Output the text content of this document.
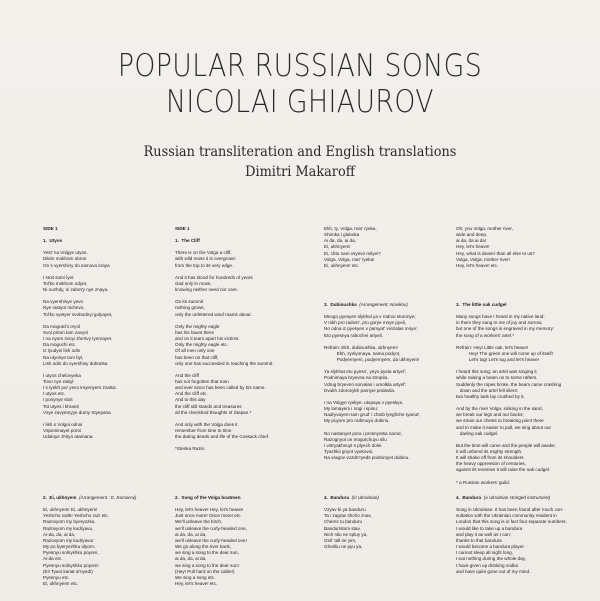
POPULAR RUSSIAN SONGS
NICOLAI GHIAUROV
Russian transliteration and English translations
Dimitri Makaroff

SIDE 1

1.  Utyos

Yest' na Volgye utyos,

Dikim mokhom obros

On s vyershiny do samovo kraya

I stoit sotni lyet

Tol'ko mokhom odyet,

Ni nuzhdy, ni zabot'y nye znaya.

Na vyershinye yevo

Nye rastyot nichevo,

Tol'ko vyetyer svobodnyi gulyayet,

Da mogutchi oryol

Svoi priton tam zavyol

I na nyom svoyi zhertvy tyerzayet.

Da moguchi etc.

Iz lyudyei lish odin

Na utyosye tom byl,

Lish odin do vyershiny dobralsa

I utyos chelovyeka

Tovo nye zabyl

I s tyekh por yevo imyenyem zvalsa.

I utyos etc.

I ponynye stoit

Tot utyes i khranit

Vsye zavyetnyye dumy Styepana

I lish s Volgoi odnoi

Vspominayet poroi

Udaloye zhityo atamana.

2.  Ei, ukhnyem (Arrangement : E. Komarov)

Ei, ukhnyem! Ei, ukhnyem!

Yeshcho razik! Yeshcho raz! etc.

Razovyom my byeryozku,

Razovyom my kudryavu,

Ai-da, da, ai da,

Razovyom my kudryavu!

My po byeryezhku idyom,

Pyesnyu solnyshku poyom,

Ai-da etc.

Pyesnyu solnyshku poyom!

(Ei! Tyani kanat si'nyed!)

Pyesnyu etc.

Ei, ukhnyem! etc.

SIDE 1

1.  The Cliff

There is on the Volga a cliff,

with wild moss it is overgrown

from the top to its very edge.

And it has stood for hundreds of years

clad only in moss,

knowing neither need nor care.

On its summit

nothing grows,

only the unfettered wind roams about.

Only the mighty eagle

has his haunt there

and on it tears apart his victims.

Only the mighty eagle etc.

Of all men only one

has been on that cliff,

only one has succeeded in reaching the summit.

And the cliff

has not forgotten that man

and ever since has been called by his name.

And the cliff etc.

And to this day

the cliff still stands and treasures

all the cherished thoughts of Stepan.*

And only with the Volga does it

remember from time to time

the daring deeds and life of the Cossack chief.

*Stenka Razin.

2.  Song of the Volga boatmen

Hey, let's heave! Hey, let's heave!

Just once more! Once more! etc.

We'll unleave the birch,

we'll unleave the curly-headed one,

ai da, da, ai da,

we'll unleave the curly-headed one!

We go along the river bank,

we sing a song to the dear sun,

ai da, da, ai da,

we sing a song to the dear sun!

(Hey! Pull hard on the cable!)

We sing a song etc.

Hey, let's heave! etc.

Ekh, ty, Volga, mat' ryeka,

Shiroka i gluboka

Ai da, da, ai da,

Ei, ukhnyem!

Ei, chto nam vsyevo milyei?

Volga, Volga, mat' ryeka!

Ei, ukhnyem! etc.

3.  Dubinushka (Arrangement: Novikov)

Mnogo pyesyen slykhal ya v rodnoi storonye;

V nikh pro radost', pro gorye mnye pyeli,

No odna iz pyesyen v pamyat' vrezalas mnye:

Eto pyesnya rabochei artyeli.

Refrain: Ekh, dubinushka, ukhnyem!

Ekh, zyelyonaya, sama podyot,

Podyernyem, podyernyem, da ukhnyem!

Ya slykhat etu pyesn', yeyo pyela artyel';

Podnimaya bryevna na stropila.

Vdrug bryevno sorvalas i umolkla artyel':

Dvukh zdorovykh parnyei pridavila.

I na Volgye ryekye, utopaya v pyeskye,

My lamayem i nogi i spinu;

Nadryvayem tam grud' i chtob lyeghche tyanut',

My poyom pro rodimuyu dubinu.

No nastanyet pora i prosnyotsa narod,

Razognyot on mogutchuyu silu

I vstryakhnuyt s plyech dolei

Tyazhkii gnyot vyekovoi,

Na vragov vozdn'ryeds podnimyet dubinu.

4.  Bandura (in Ukrainian)

Vzyav bi ya banduru

Ta i zagrav shcho znav,

Cherez tu banduru

Bandurístom stav.

Nich nilu ne spluy ya,

Gnil' tall ne yim,

Ghoriliu ne pyu ya,

Oh, you Volga, mother river,

wide and deep,

ai da, da ai da!

Hey, let's heave!

Hey, what is dearer than all else to us?

Volga, Volga, mother river!

Hey, let's heave! etc.

3.  The little oak cudgel

Many songs have I heard in my native land;

in them they sang to me of joy and sorrow,

but one of the songs is engraved in my memory:

the song of a workers' artel.*

Refrain: Hey! Little oak, let's heave!

Hey! The green one will come up of itself!

Let's tug! Let's tug and let's heave!

I heard this song; an artel was singing it

while raising a beam on to some rafters.

Suddenly the ropes broke, the beam came crashing

down and the artel fell silent:

two healthy lads lay crushed by it.

And by the river Volga, sinking in the sand,

we break our legs and our backs;

we strain our chests to breaking point there

and to make it easier to pull, we sing about our

darling oak cudgel.

But the time will come and the people will awake;

it will unbend its mighty strength.

It will shake off from its shoulders

the heavy oppression of centuries,

against its enemies it will raise the oak cudgel.

* a Russian workers' guild.

4.  Bandura (a Ukrainian stringed instrument)

Sung in Ukrainian. It has been found after much con-

sultation with the Ukrainian community resident in

London that this song is in fact four separate numbers.

I would like to take up a bandura

and play it as well as I can;

thanks to that bandura

I would become a bandura player.

I cannot sleep all night long,

I eat nothing during the whole day,

I have given up drinking vodka

and have quite gone out of my mind.
